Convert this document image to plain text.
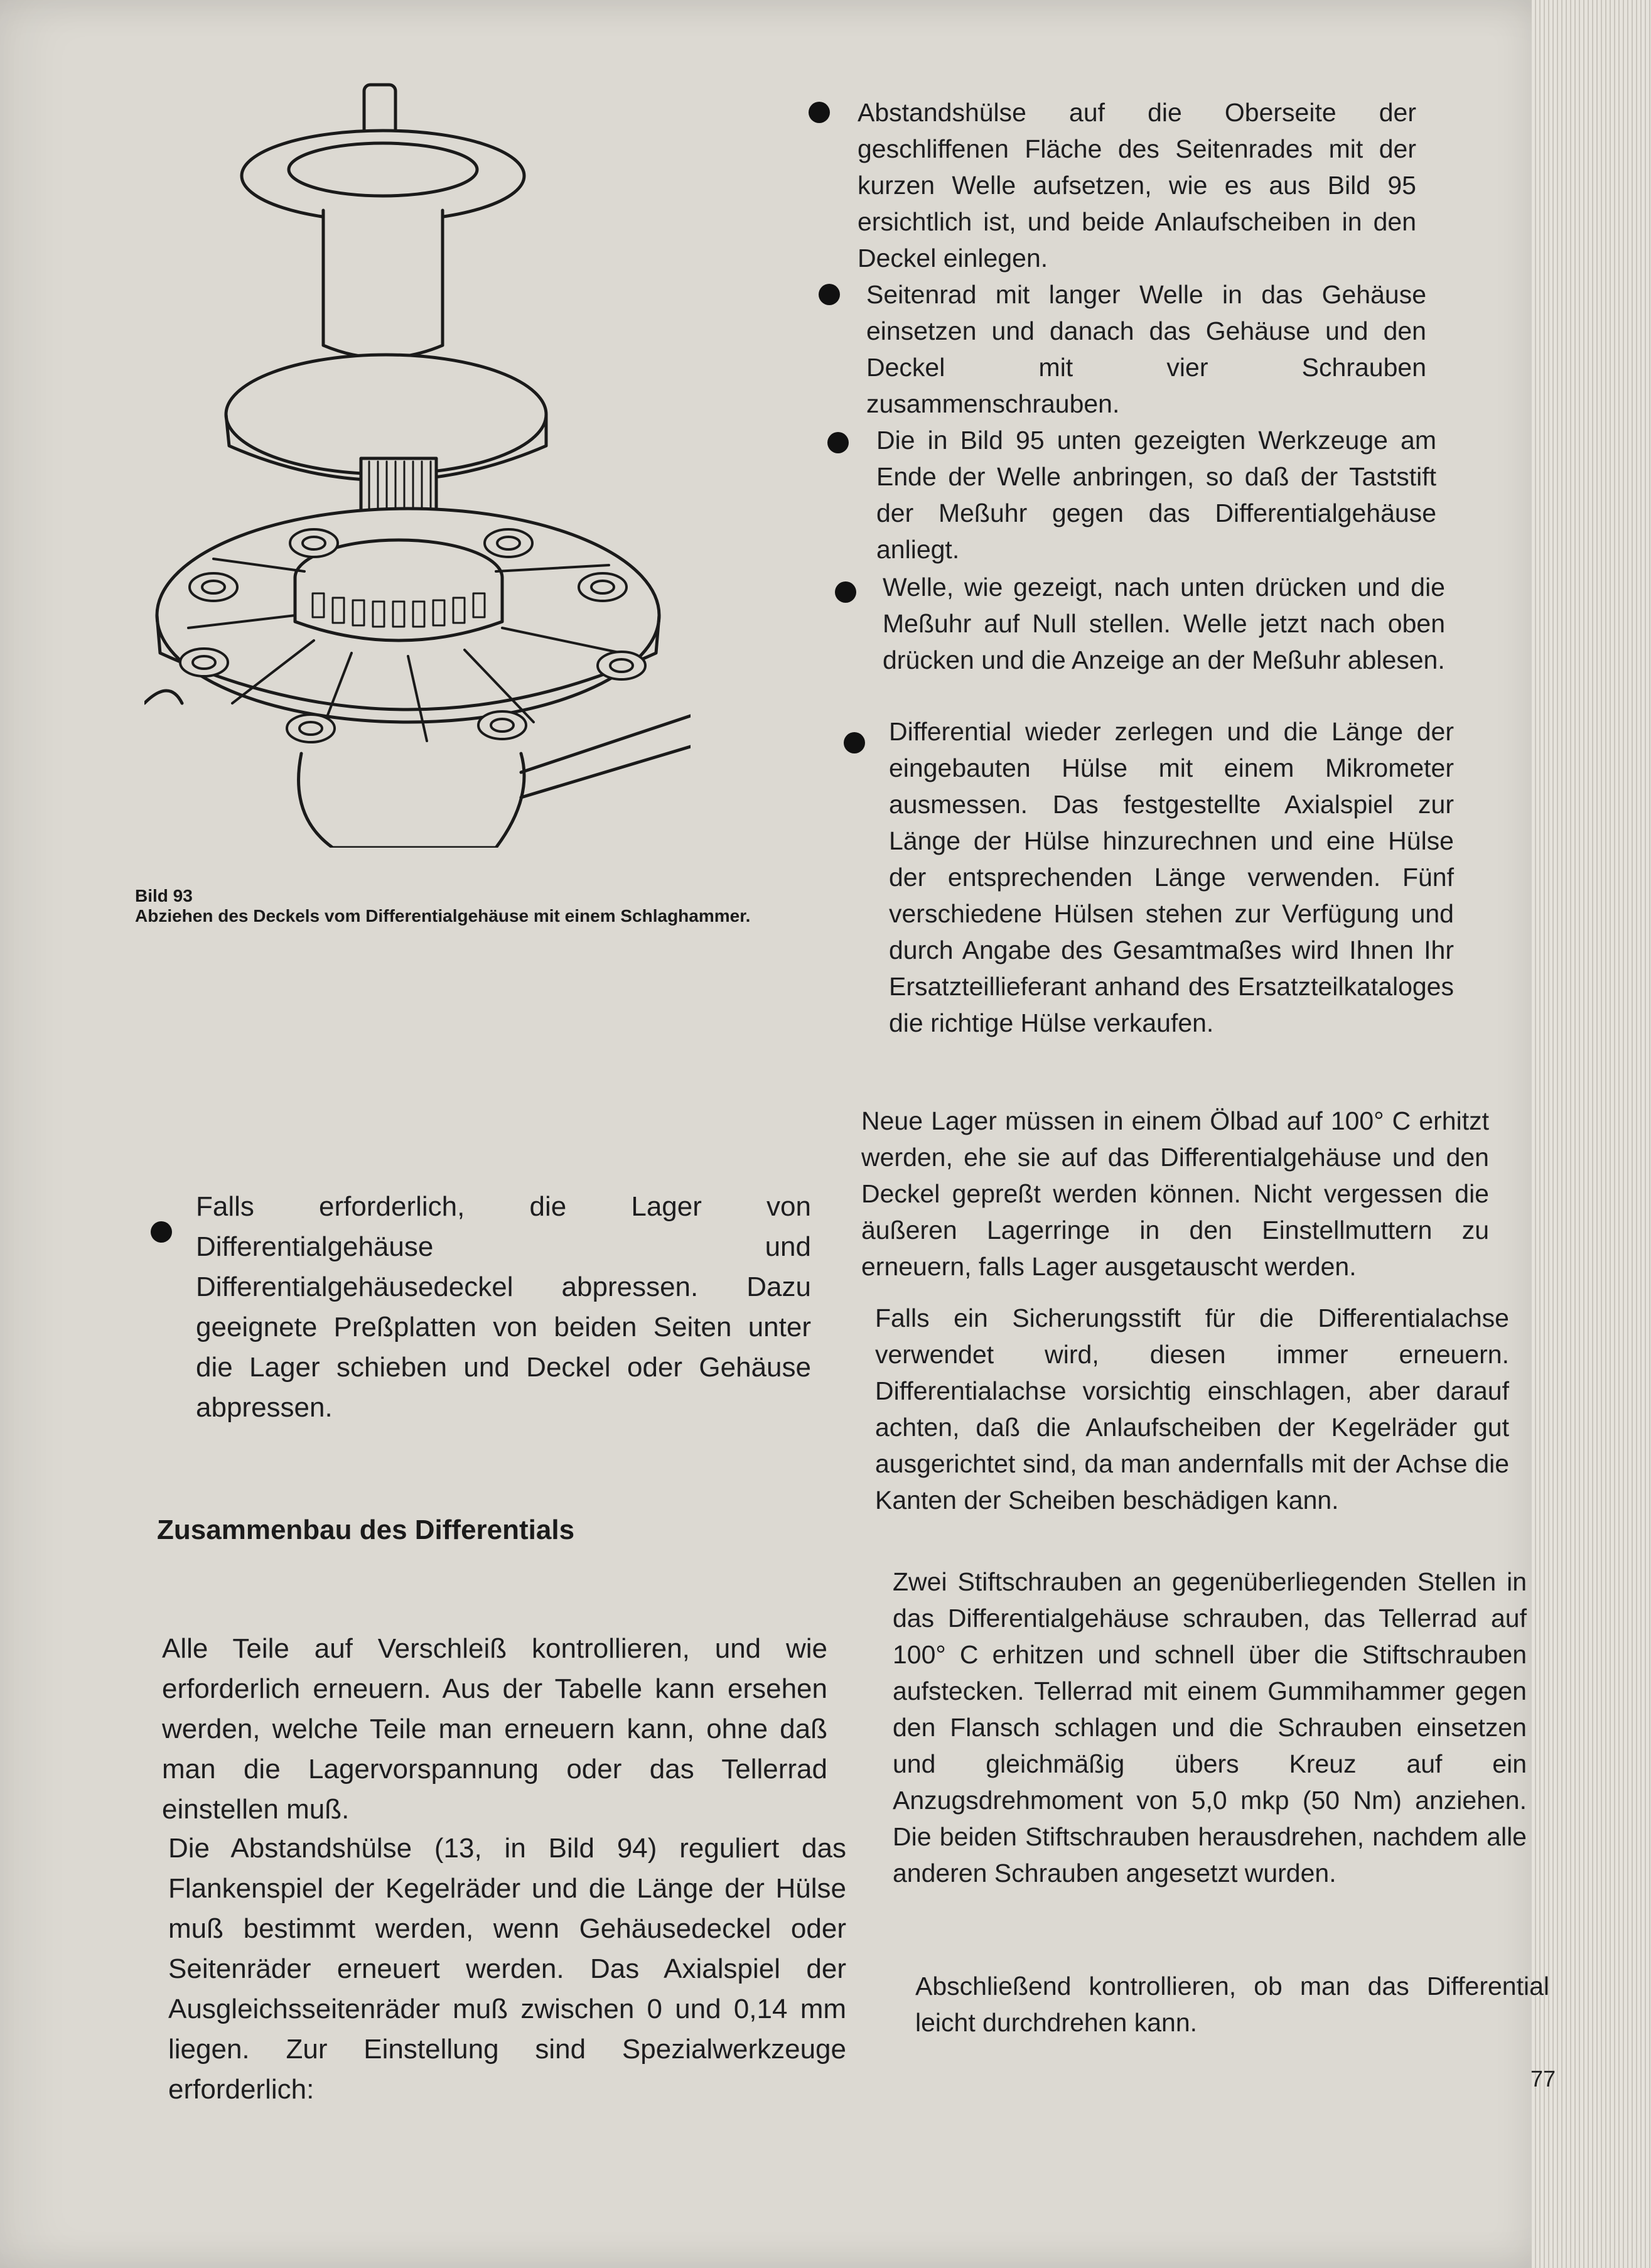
Bild 93
Abziehen des Deckels vom Differentialgehäuse mit einem Schlaghammer.
Abstandshülse auf die Oberseite der geschliffenen Fläche des Seitenrades mit der kurzen Welle aufsetzen, wie es aus Bild 95 ersichtlich ist, und beide Anlaufscheiben in den Deckel einlegen.
Seitenrad mit langer Welle in das Gehäuse einsetzen und danach das Gehäuse und den Deckel mit vier Schrauben zusammenschrauben.
Die in Bild 95 unten gezeigten Werkzeuge am Ende der Welle anbringen, so daß der Taststift der Meßuhr gegen das Differentialgehäuse anliegt.
Welle, wie gezeigt, nach unten drücken und die Meßuhr auf Null stellen. Welle jetzt nach oben drücken und die Anzeige an der Meßuhr ablesen.
Differential wieder zerlegen und die Länge der eingebauten Hülse mit einem Mikrometer ausmessen. Das festgestellte Axialspiel zur Länge der Hülse hinzurechnen und eine Hülse der entsprechenden Länge verwenden. Fünf verschiedene Hülsen stehen zur Verfügung und durch Angabe des Gesamtmaßes wird Ihnen Ihr Ersatzteillieferant anhand des Ersatzteilkataloges die richtige Hülse verkaufen.
Neue Lager müssen in einem Ölbad auf 100° C erhitzt werden, ehe sie auf das Differentialgehäuse und den Deckel gepreßt werden können. Nicht vergessen die äußeren Lagerringe in den Einstellmuttern zu erneuern, falls Lager ausgetauscht werden.
Falls ein Sicherungsstift für die Differentialachse verwendet wird, diesen immer erneuern. Differentialachse vorsichtig einschlagen, aber darauf achten, daß die Anlaufscheiben der Kegelräder gut ausgerichtet sind, da man andernfalls mit der Achse die Kanten der Scheiben beschädigen kann.
Zwei Stiftschrauben an gegenüberliegenden Stellen in das Differentialgehäuse schrauben, das Tellerrad auf 100° C erhitzen und schnell über die Stiftschrauben aufstecken. Tellerrad mit einem Gummihammer gegen den Flansch schlagen und die Schrauben einsetzen und gleichmäßig übers Kreuz auf ein Anzugsdrehmoment von 5,0 mkp (50 Nm) anziehen. Die beiden Stiftschrauben herausdrehen, nachdem alle anderen Schrauben angesetzt wurden.
Abschließend kontrollieren, ob man das Differential leicht durchdrehen kann.
Falls erforderlich, die Lager von Differentialgehäuse und Differentialgehäusedeckel abpressen. Dazu geeignete Preßplatten von beiden Seiten unter die Lager schieben und Deckel oder Gehäuse abpressen.
Zusammenbau des Differentials
Alle Teile auf Verschleiß kontrollieren, und wie erforderlich erneuern. Aus der Tabelle kann ersehen werden, welche Teile man erneuern kann, ohne daß man die Lagervorspannung oder das Tellerrad einstellen muß.
Die Abstandshülse (13, in Bild 94) reguliert das Flankenspiel der Kegelräder und die Länge der Hülse muß bestimmt werden, wenn Gehäusedeckel oder Seitenräder erneuert werden. Das Axialspiel der Ausgleichsseitenräder muß zwischen 0 und 0,14 mm liegen. Zur Einstellung sind Spezialwerkzeuge erforderlich:	77
